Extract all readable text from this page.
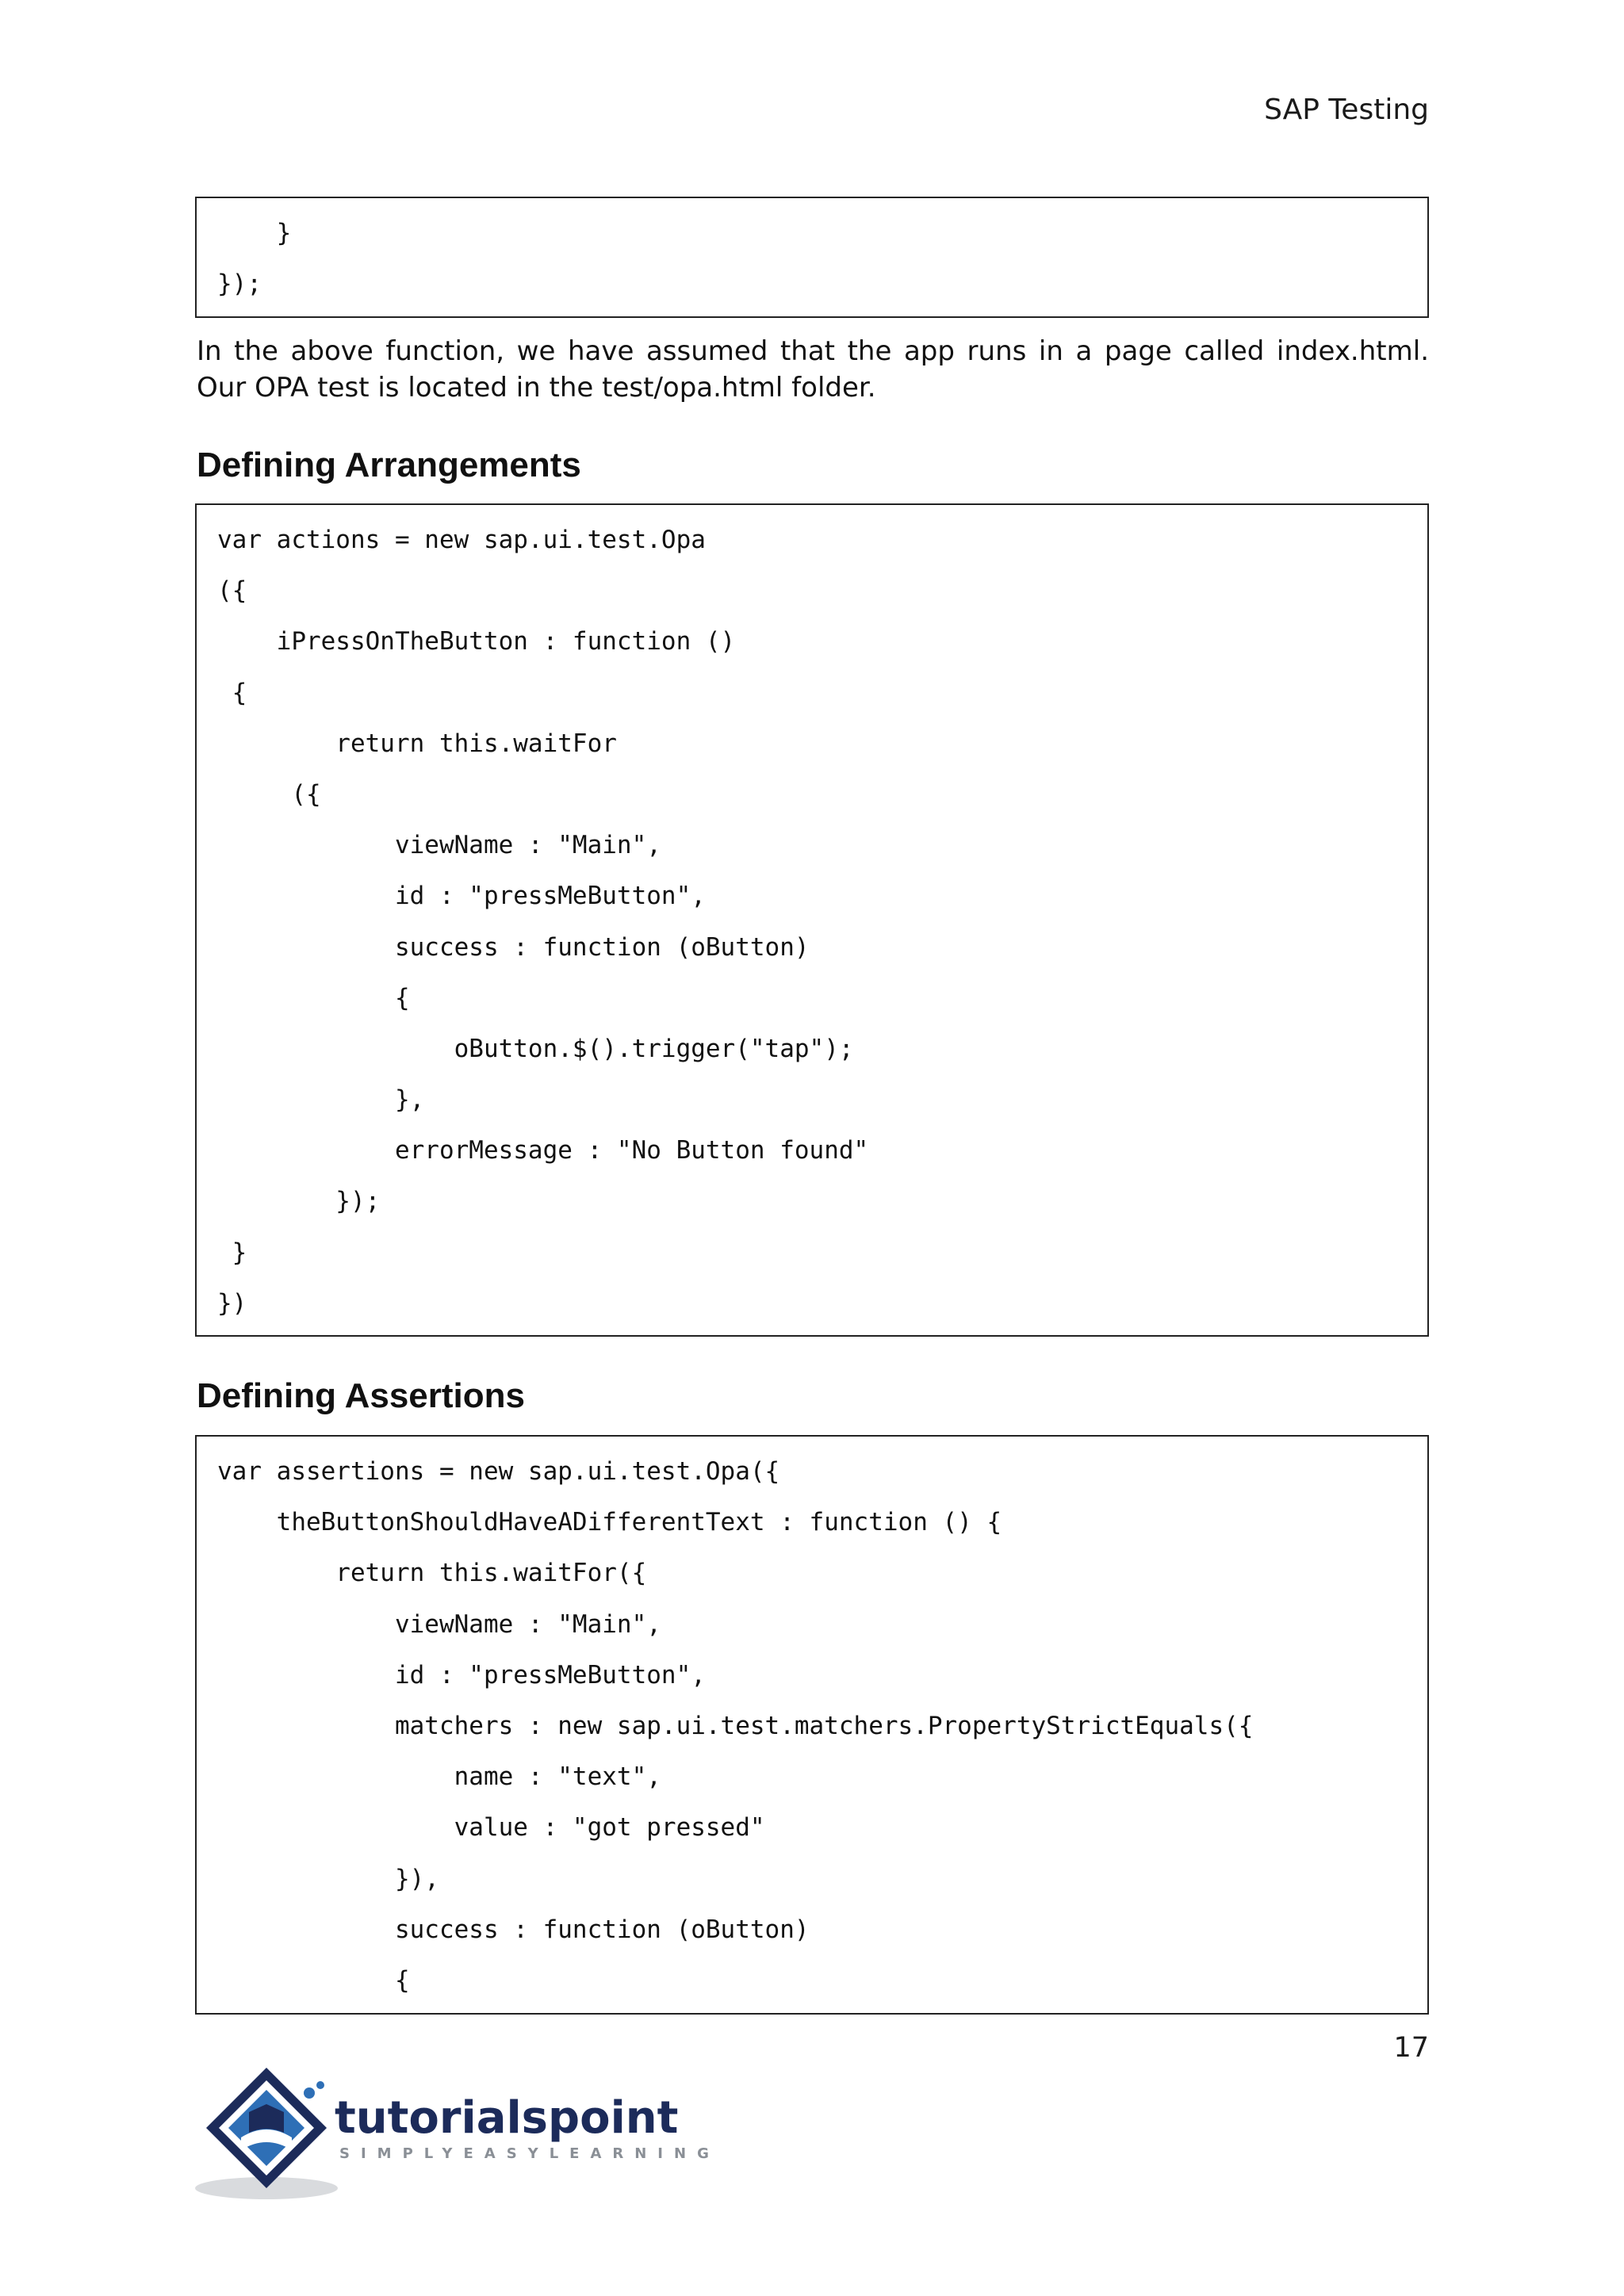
SAP Testing
}
});

In the above function, we have assumed that the app runs in a page called index.html. Our OPA test is located in the test/opa.html folder.

Defining Arrangements
var actions = new sap.ui.test.Opa
({
iPressOnTheButton : function ()
{
return this.waitFor
({
viewName : "Main",
id : "pressMeButton",
success : function (oButton)
{
oButton.$().trigger("tap");
},
errorMessage : "No Button found"
});
}
})
Defining Assertions
var assertions = new sap.ui.test.Opa({
theButtonShouldHaveADifferentText : function () {
return this.waitFor({
viewName : "Main",
id : "pressMeButton",
matchers : new sap.ui.test.matchers.PropertyStrictEquals({
name : "text",
value : "got pressed"
}),
success : function (oButton)
{
17
tutorialspoint
SIMPLYEASYLEARNING
